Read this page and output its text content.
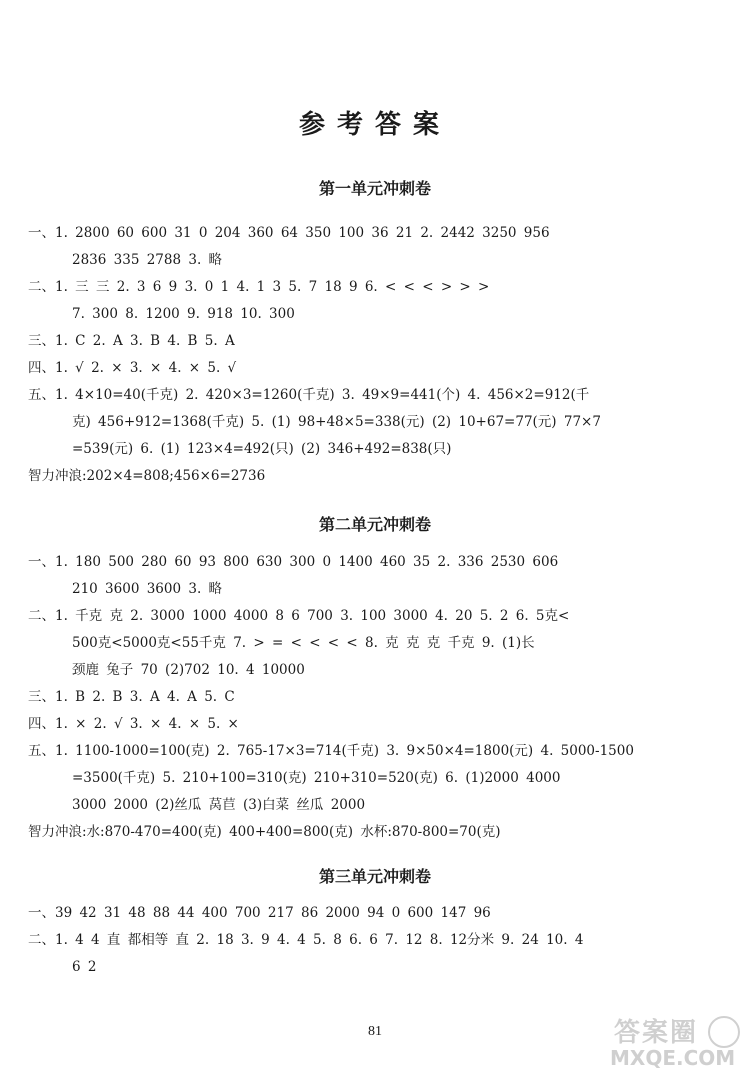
参考答案
第一单元冲刺卷
一、1. 2800 60 600 31 0 204 360 64 350 100 36 21 2. 2442 3250 956
2836 335 2788 3. 略
二、1. 三 三 2. 3 6 9 3. 0 1 4. 1 3 5. 7 18 9 6. < < < > > >
7. 300 8. 1200 9. 918 10. 300
三、1. C 2. A 3. B 4. B 5. A
四、1. √ 2. × 3. × 4. × 5. √
五、1. 4×10=40(千克) 2. 420×3=1260(千克) 3. 49×9=441(个) 4. 456×2=912(千
克) 456+912=1368(千克) 5. (1) 98+48×5=338(元) (2) 10+67=77(元) 77×7
=539(元) 6. (1) 123×4=492(只) (2) 346+492=838(只)
智力冲浪:202×4=808;456×6=2736
第二单元冲刺卷
一、1. 180 500 280 60 93 800 630 300 0 1400 460 35 2. 336 2530 606
210 3600 3600 3. 略
二、1. 千克 克 2. 3000 1000 4000 8 6 700 3. 100 3000 4. 20 5. 2 6. 5克<
500克<5000克<55千克 7. > = < < < < 8. 克 克 克 千克 9. (1)长
颈鹿 兔子 70 (2)702 10. 4 10000
三、1. B 2. B 3. A 4. A 5. C
四、1. × 2. √ 3. × 4. × 5. ×
五、1. 1100-1000=100(克) 2. 765-17×3=714(千克) 3. 9×50×4=1800(元) 4. 5000-1500
=3500(千克) 5. 210+100=310(克) 210+310=520(克) 6. (1)2000 4000
3000 2000 (2)丝瓜 莴苣 (3)白菜 丝瓜 2000
智力冲浪:水:870-470=400(克) 400+400=800(克) 水杯:870-800=70(克)
第三单元冲刺卷
一、39 42 31 48 88 44 400 700 217 86 2000 94 0 600 147 96
二、1. 4 4 直 都相等 直 2. 18 3. 9 4. 4 5. 8 6. 6 7. 12 8. 12分米 9. 24 10. 4
6 2
81	答案圈
MXQE.COM
